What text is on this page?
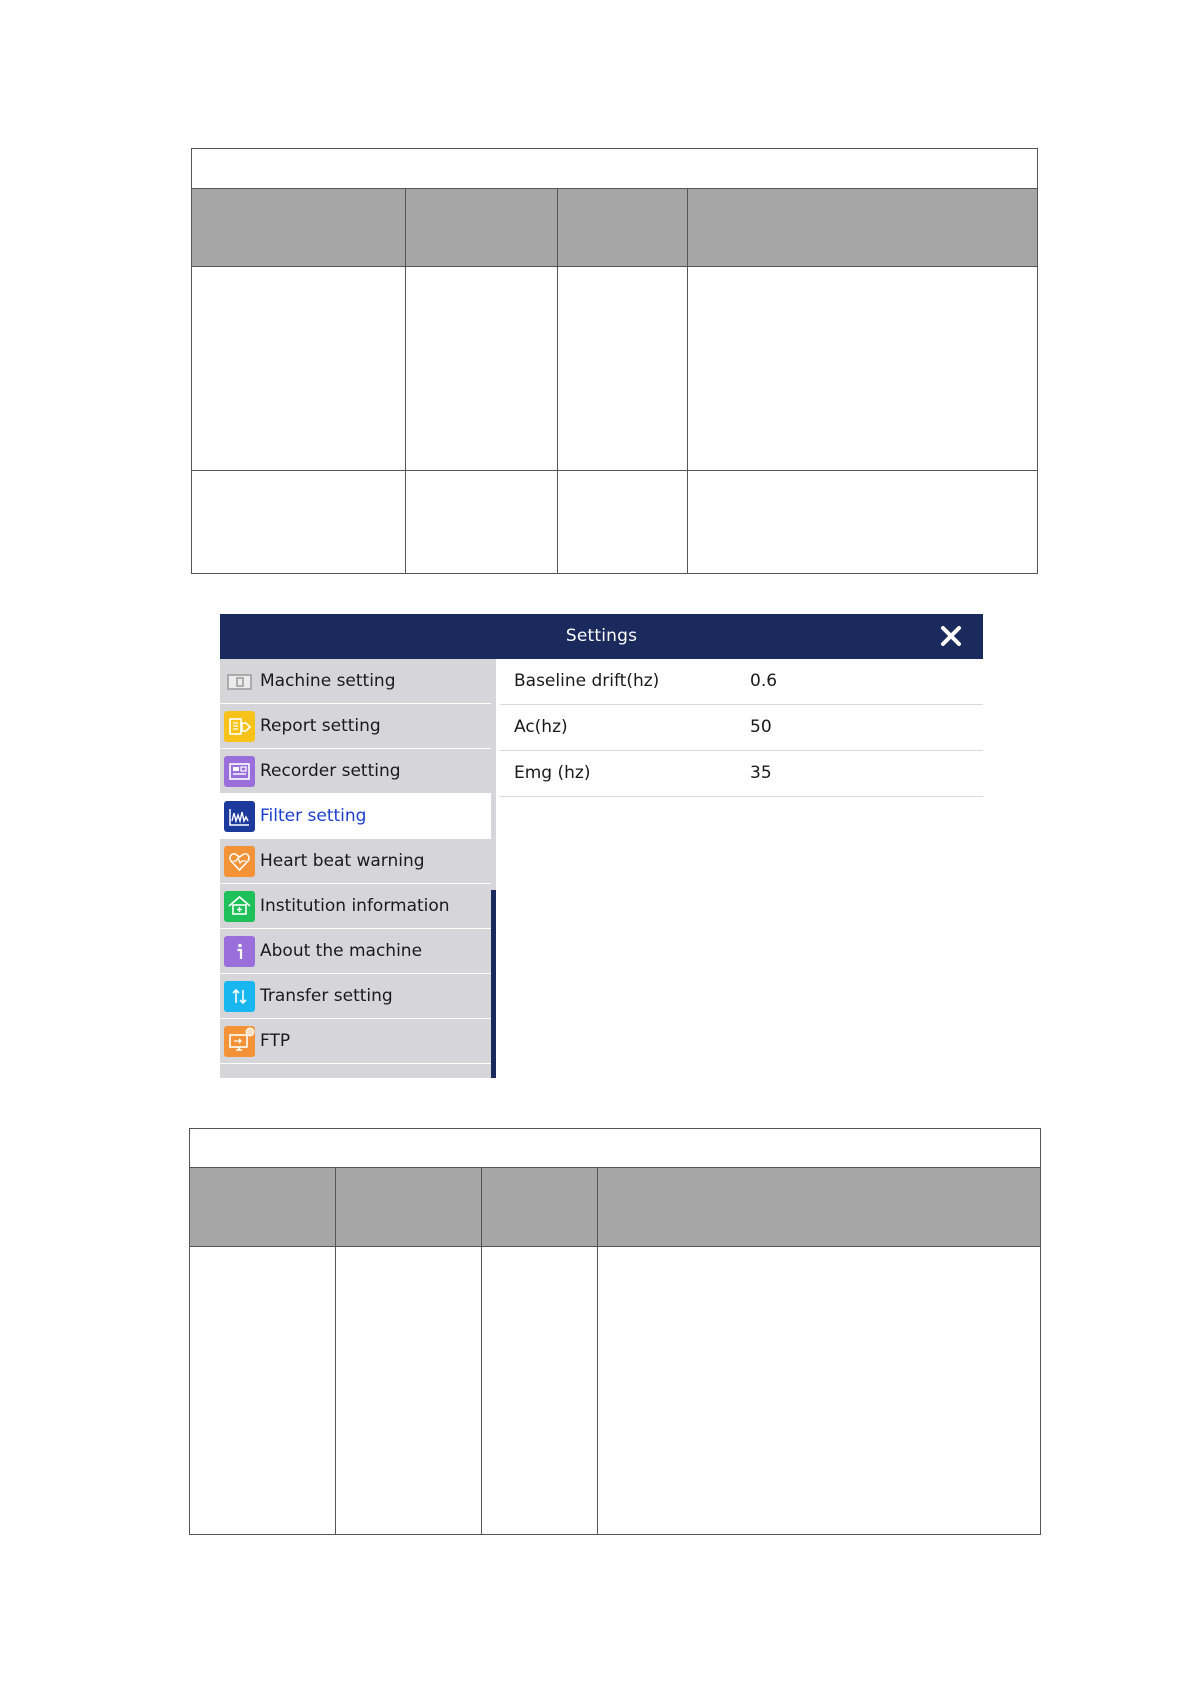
Settings
Machine setting
Report setting
Recorder setting
Filter setting
Heart beat warning
Institution information
About the machine
Transfer setting
FTP
Baseline drift(hz)	0.6
Ac(hz)	50
Emg (hz)	35
